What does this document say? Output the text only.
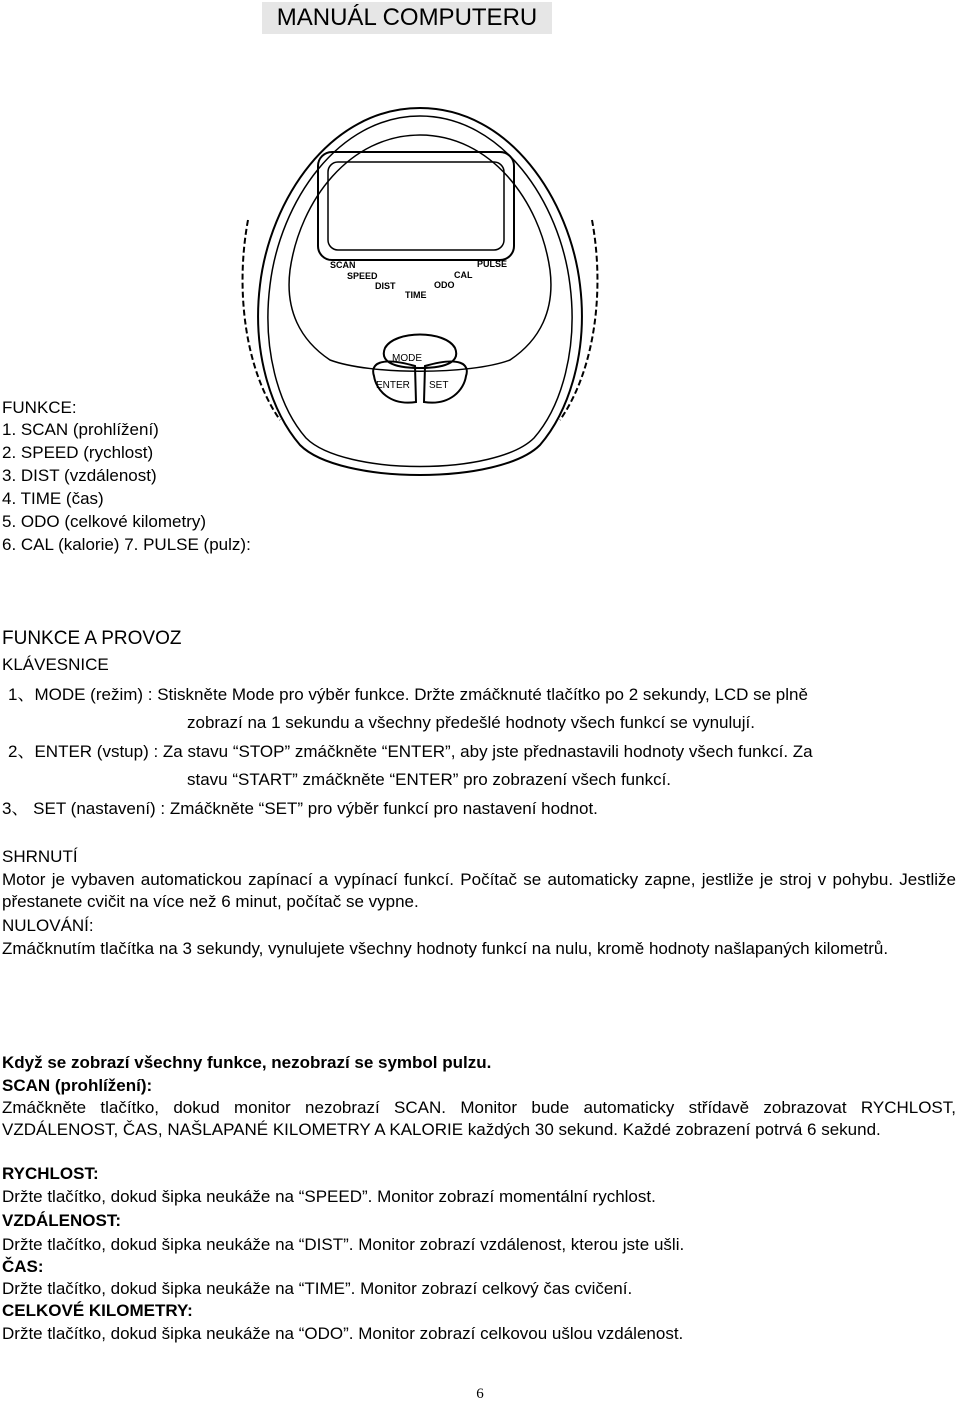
MANUÁL COMPUTERU
SCAN
SPEED
DIST
TIME
ODO
CAL
PULSE
MODE
ENTER SET
FUNKCE:
1. SCAN (prohlížení)
2. SPEED (rychlost)
3. DIST (vzdálenost)
4. TIME (čas)
5. ODO (celkové kilometry)
6. CAL (kalorie) 7. PULSE (pulz):
FUNKCE A PROVOZ
KLÁVESNICE
1、MODE (režim) : Stiskněte Mode pro výběr funkce. Držte zmáčknuté tlačítko po 2 sekundy, LCD se plně
zobrazí na 1 sekundu a všechny předešlé hodnoty všech funkcí se vynulují.
2、ENTER (vstup) : Za stavu “STOP” zmáčkněte “ENTER”, aby jste přednastavili hodnoty všech funkcí. Za
stavu “START” zmáčkněte “ENTER” pro zobrazení všech funkcí.
3、 SET (nastavení) : Zmáčkněte “SET” pro výběr funkcí pro nastavení hodnot.
SHRNUTÍ
Motor je vybaven automatickou zapínací a vypínací funkcí. Počítač se automaticky zapne, jestliže je stroj v pohybu. Jestliže přestanete cvičit na více než 6 minut, počítač se vypne.
NULOVÁNÍ:
Zmáčknutím tlačítka na 3 sekundy, vynulujete všechny hodnoty funkcí na nulu, kromě hodnoty našlapaných kilometrů.
Když se zobrazí všechny funkce, nezobrazí se symbol pulzu.
SCAN (prohlížení):
Zmáčkněte tlačítko, dokud monitor nezobrazí SCAN. Monitor bude automaticky střídavě zobrazovat RYCHLOST, VZDÁLENOST, ČAS, NAŠLAPANÉ KILOMETRY A KALORIE každých 30 sekund. Každé zobrazení potrvá 6 sekund.
RYCHLOST:
Držte tlačítko, dokud šipka neukáže na “SPEED”. Monitor zobrazí momentální rychlost.
VZDÁLENOST:
Držte tlačítko, dokud šipka neukáže na “DIST”. Monitor zobrazí vzdálenost, kterou jste ušli.
ČAS:
Držte tlačítko, dokud šipka neukáže na “TIME”. Monitor zobrazí celkový čas cvičení.
CELKOVÉ KILOMETRY:
Držte tlačítko, dokud šipka neukáže na “ODO”. Monitor zobrazí celkovou ušlou vzdálenost.
6
